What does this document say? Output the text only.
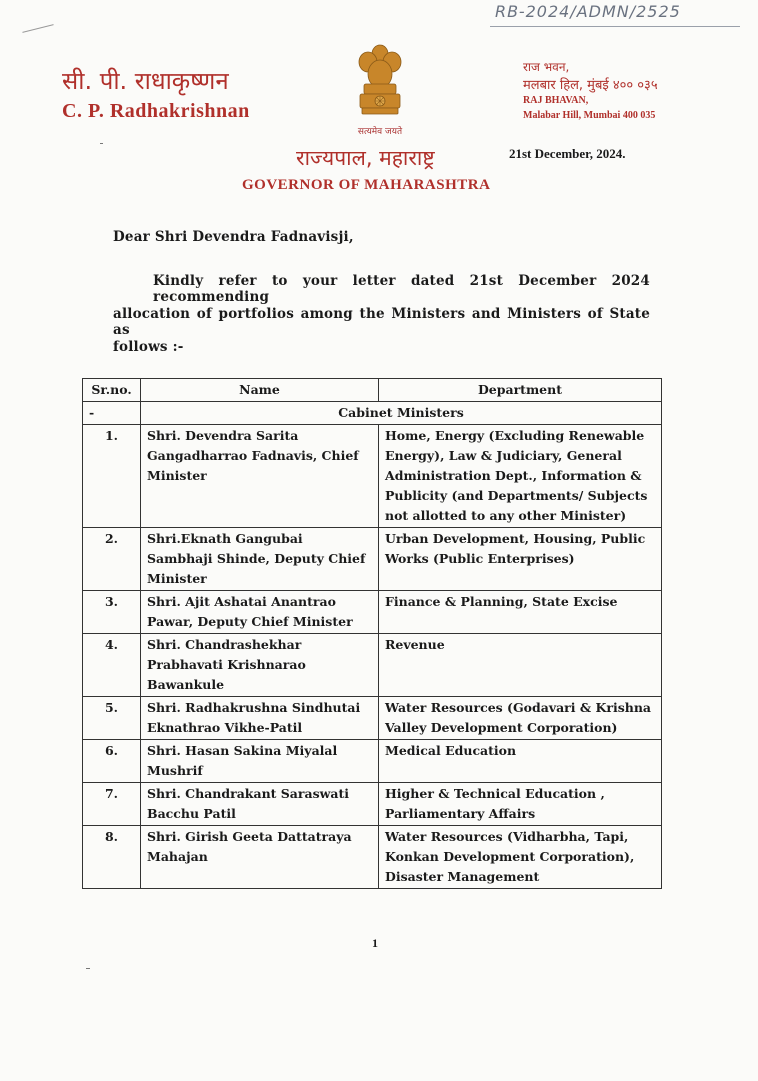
RB-2024/ADMN/2525
सी. पी. राधाकृष्णन
C. P. Radhakrishnan
सत्यमेव जयते
राज भवन,
मलबार हिल, मुंबई ४०० ०३५
RAJ BHAVAN,
Malabar Hill, Mumbai 400 035
राज्यपाल, महाराष्ट्र	21st December, 2024.
GOVERNOR OF MAHARASHTRA
Dear Shri Devendra Fadnavisji,
Kindly refer to your letter dated 21st December 2024 recommending
allocation of portfolios among the Ministers and Ministers of State as
follows :-
Sr.no.	Name	Department
-	Cabinet Ministers	
1.	Shri. Devendra Sarita Gangadharrao Fadnavis, Chief Minister	Home, Energy (Excluding Renewable Energy), Law & Judiciary, General Administration Dept., Information & Publicity (and Departments/ Subjects not allotted to any other Minister)
2.	Shri.Eknath Gangubai Sambhaji Shinde, Deputy Chief Minister	Urban Development, Housing, Public Works (Public Enterprises)
3.	Shri. Ajit Ashatai Anantrao Pawar, Deputy Chief Minister	Finance & Planning, State Excise
4.	Shri. Chandrashekhar Prabhavati Krishnarao Bawankule	Revenue
5.	Shri. Radhakrushna Sindhutai Eknathrao Vikhe-Patil	Water Resources (Godavari & Krishna Valley Development Corporation)
6.	Shri. Hasan Sakina Miyalal Mushrif	Medical Education
7.	Shri. Chandrakant Saraswati Bacchu Patil	Higher & Technical Education , Parliamentary Affairs
8.	Shri. Girish Geeta Dattatraya Mahajan	Water Resources (Vidharbha, Tapi, Konkan Development Corporation), Disaster Management
1
